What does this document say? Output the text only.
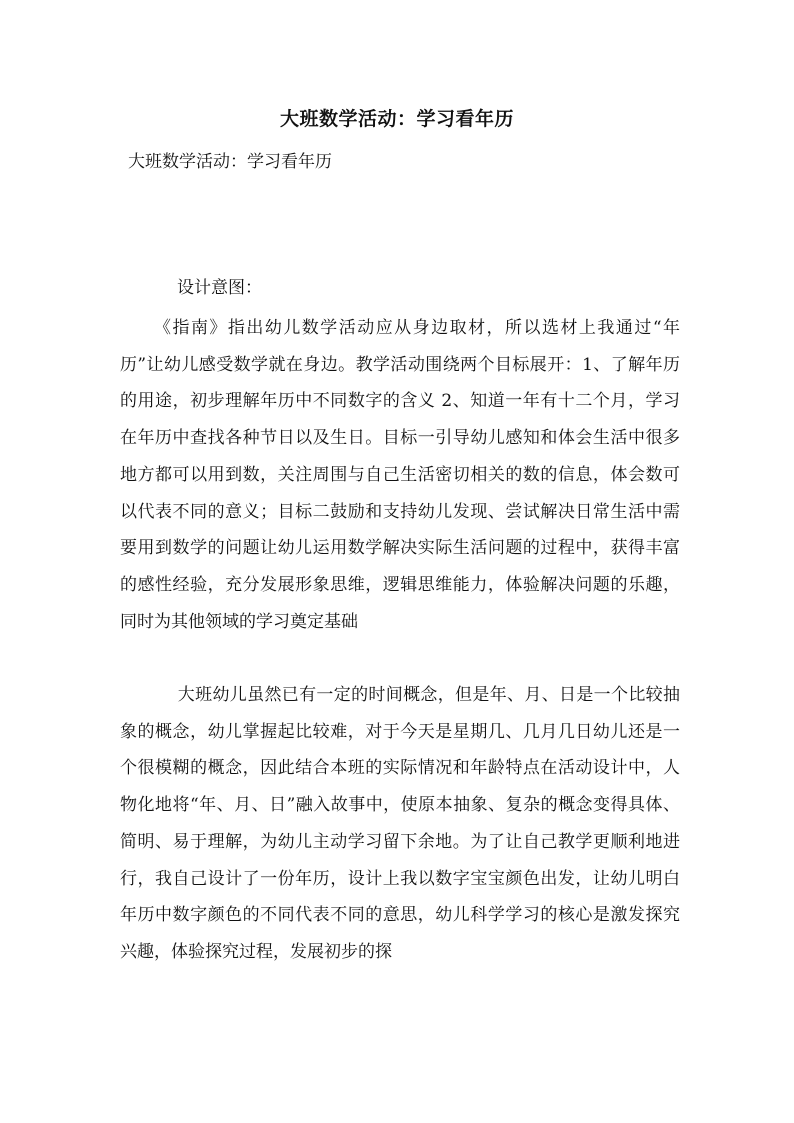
大班数学活动：学习看年历
大班数学活动：学习看年历
设计意图：

《指南》指出幼儿数学活动应从身边取材，所以选材上我通过“年历”让幼儿感受数学就在身边。教学活动围绕两个目标展开：1、了解年历的用途，初步理解年历中不同数字的含义 2、知道一年有十二个月，学习在年历中查找各种节日以及生日。目标一引导幼儿感知和体会生活中很多地方都可以用到数，关注周围与自己生活密切相关的数的信息，体会数可以代表不同的意义；目标二鼓励和支持幼儿发现、尝试解决日常生活中需要用到数学的问题让幼儿运用数学解决实际生活问题的过程中，获得丰富的感性经验，充分发展形象思维，逻辑思维能力，体验解决问题的乐趣，同时为其他领域的学习奠定基础

大班幼儿虽然已有一定的时间概念，但是年、月、日是一个比较抽象的概念，幼儿掌握起比较难，对于今天是星期几、几月几日幼儿还是一个很模糊的概念，因此结合本班的实际情况和年龄特点在活动设计中，人物化地将“年、月、日”融入故事中，使原本抽象、复杂的概念变得具体、简明、易于理解，为幼儿主动学习留下余地。为了让自己教学更顺利地进行，我自己设计了一份年历，设计上我以数字宝宝颜色出发，让幼儿明白年历中数字颜色的不同代表不同的意思，幼儿科学学习的核心是激发探究兴趣，体验探究过程，发展初步的探
